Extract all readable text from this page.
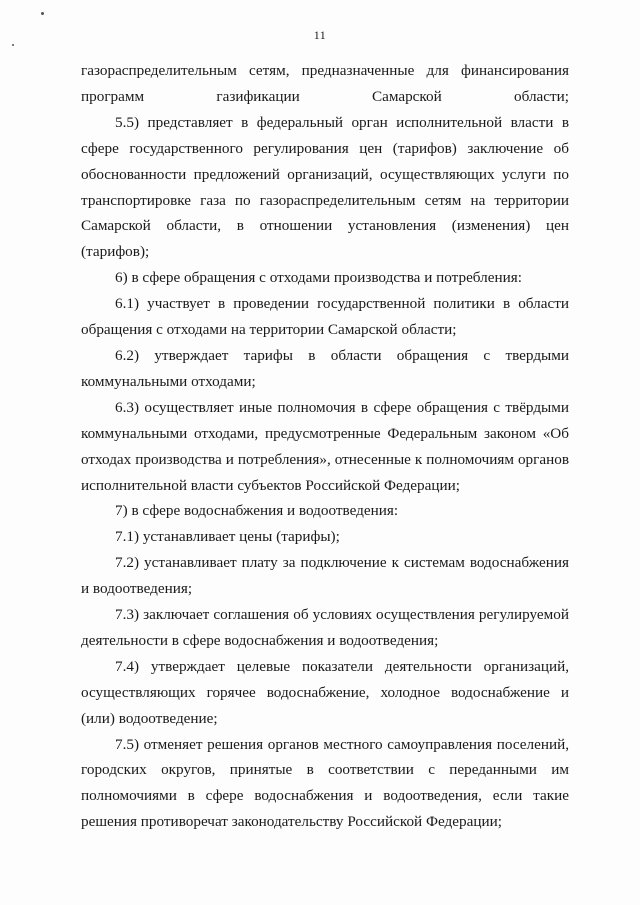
11

газораспределительным сетям, предназначенные для финансирования программ газификации Самарской области;

5.5) представляет в федеральный орган исполнительной власти в сфере государственного регулирования цен (тарифов) заключение об обоснованности предложений организаций, осуществляющих услуги по транспортировке газа по газораспределительным сетям на территории Самарской области, в отношении установления (изменения) цен (тарифов);

6) в сфере обращения с отходами производства и потребления:

6.1) участвует в проведении государственной политики в области обращения с отходами на территории Самарской области;

6.2) утверждает тарифы в области обращения с твердыми коммунальными отходами;

6.3) осуществляет иные полномочия в сфере обращения с твёрдыми коммунальными отходами, предусмотренные Федеральным законом «Об отходах производства и потребления», отнесенные к полномочиям органов исполнительной власти субъектов Российской Федерации;

7) в сфере водоснабжения и водоотведения:

7.1) устанавливает цены (тарифы);

7.2) устанавливает плату за подключение к системам водоснабжения и водоотведения;

7.3) заключает соглашения об условиях осуществления регулируемой деятельности в сфере водоснабжения и водоотведения;

7.4) утверждает целевые показатели деятельности организаций, осуществляющих горячее водоснабжение, холодное водоснабжение и (или) водоотведение;

7.5) отменяет решения органов местного самоуправления поселений, городских округов, принятые в соответствии с переданными им полномочиями в сфере водоснабжения и водоотведения, если такие решения противоречат законодательству Российской Федерации;
